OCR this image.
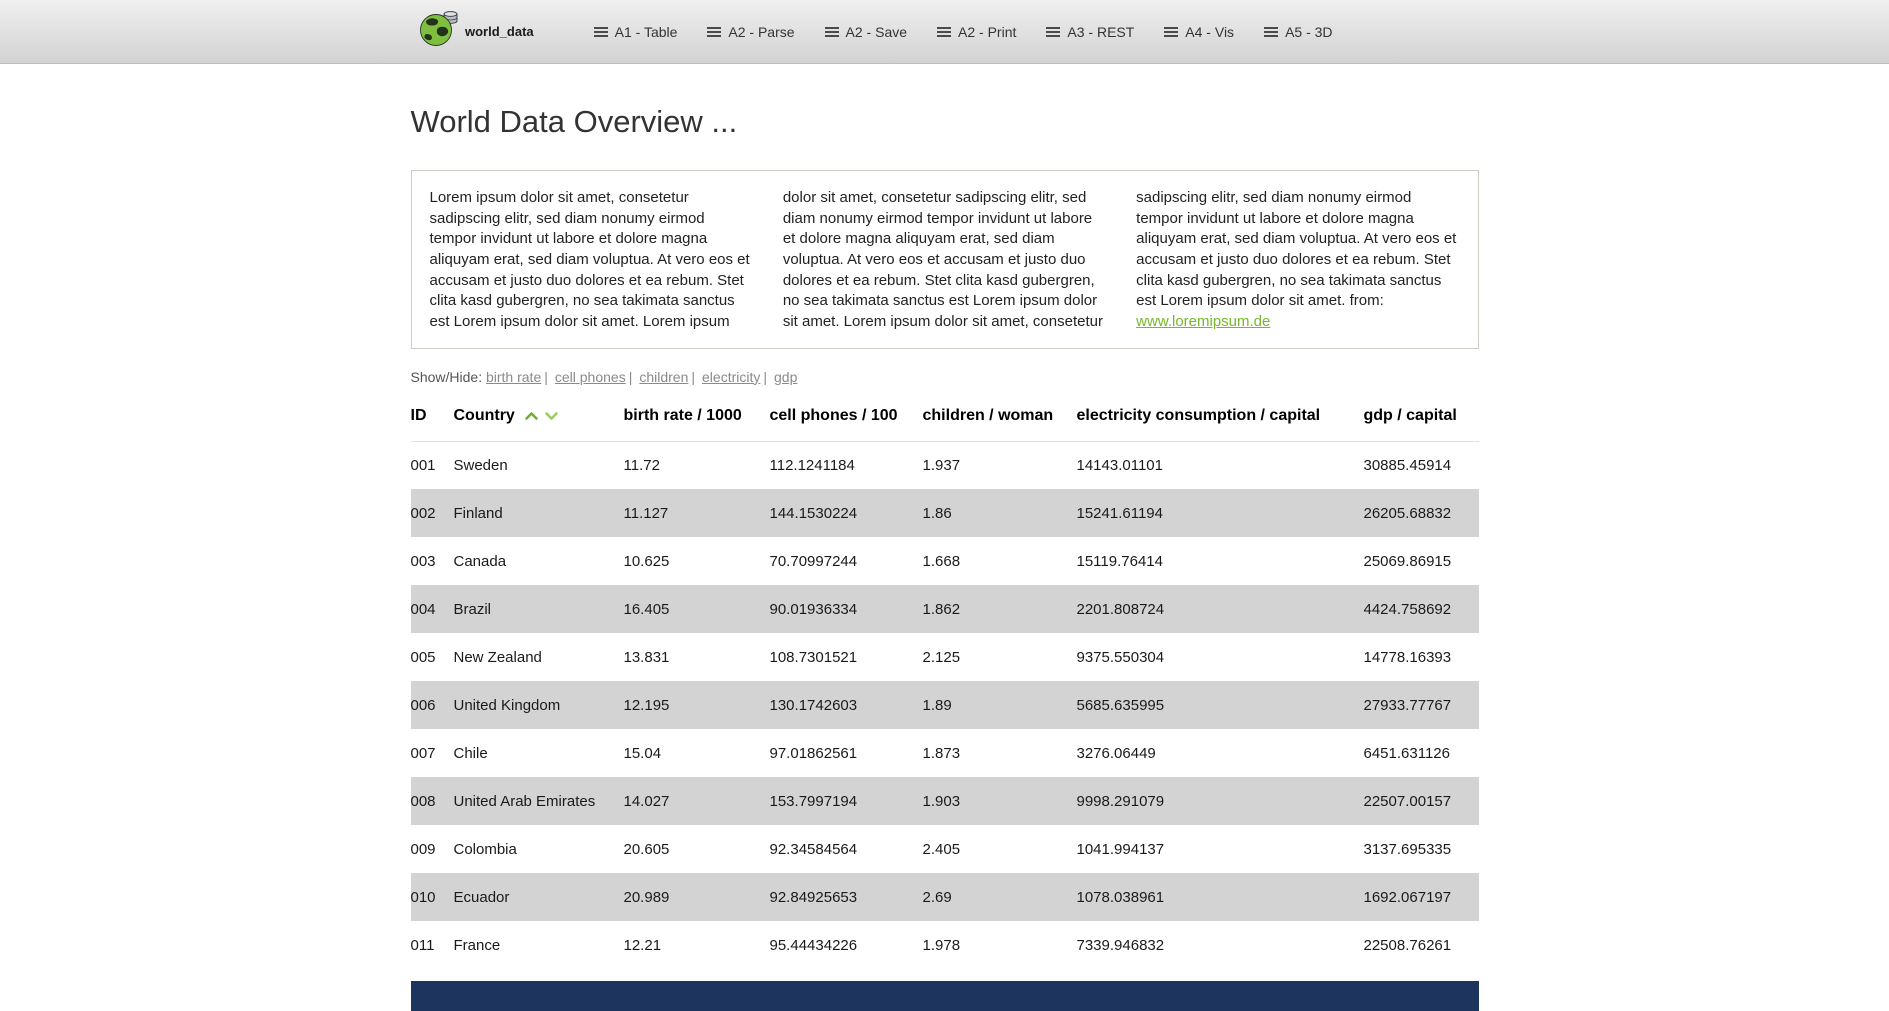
world_data	A1 - Table	A2 - Parse	A2 - Save	A2 - Print	A3 - REST	A4 - Vis	A5 - 3D
World Data Overview ...

Lorem ipsum dolor sit amet, consetetur sadipscing elitr, sed diam nonumy eirmod tempor invidunt ut labore et dolore magna aliquyam erat, sed diam voluptua. At vero eos et accusam et justo duo dolores et ea rebum. Stet clita kasd gubergren, no sea takimata sanctus est Lorem ipsum dolor sit amet. Lorem ipsum dolor sit amet, consetetur sadipscing elitr, sed diam nonumy eirmod tempor invidunt ut labore et dolore magna aliquyam erat, sed diam voluptua. At vero eos et accusam et justo duo dolores et ea rebum. Stet clita kasd gubergren, no sea takimata sanctus est Lorem ipsum dolor sit amet. Lorem ipsum dolor sit amet, consetetur sadipscing elitr, sed diam nonumy eirmod tempor invidunt ut labore et dolore magna aliquyam erat, sed diam voluptua. At vero eos et accusam et justo duo dolores et ea rebum. Stet clita kasd gubergren, no sea takimata sanctus est Lorem ipsum dolor sit amet. from: www.loremipsum.de

Show/Hide: birth rate | cell phones | children | electricity | gdp
ID	Country	birth rate / 1000	cell phones / 100	children / woman	electricity consumption / capital	gdp / capital
001	Sweden	11.72	112.1241184	1.937	14143.01101	30885.45914
002	Finland	11.127	144.1530224	1.86	15241.61194	26205.68832
003	Canada	10.625	70.70997244	1.668	15119.76414	25069.86915
004	Brazil	16.405	90.01936334	1.862	2201.808724	4424.758692
005	New Zealand	13.831	108.7301521	2.125	9375.550304	14778.16393
006	United Kingdom	12.195	130.1742603	1.89	5685.635995	27933.77767
007	Chile	15.04	97.01862561	1.873	3276.06449	6451.631126
008	United Arab Emirates	14.027	153.7997194	1.903	9998.291079	22507.00157
009	Colombia	20.605	92.34584564	2.405	1041.994137	3137.695335
010	Ecuador	20.989	92.84925653	2.69	1078.038961	1692.067197
011	France	12.21	95.44434226	1.978	7339.946832	22508.76261
